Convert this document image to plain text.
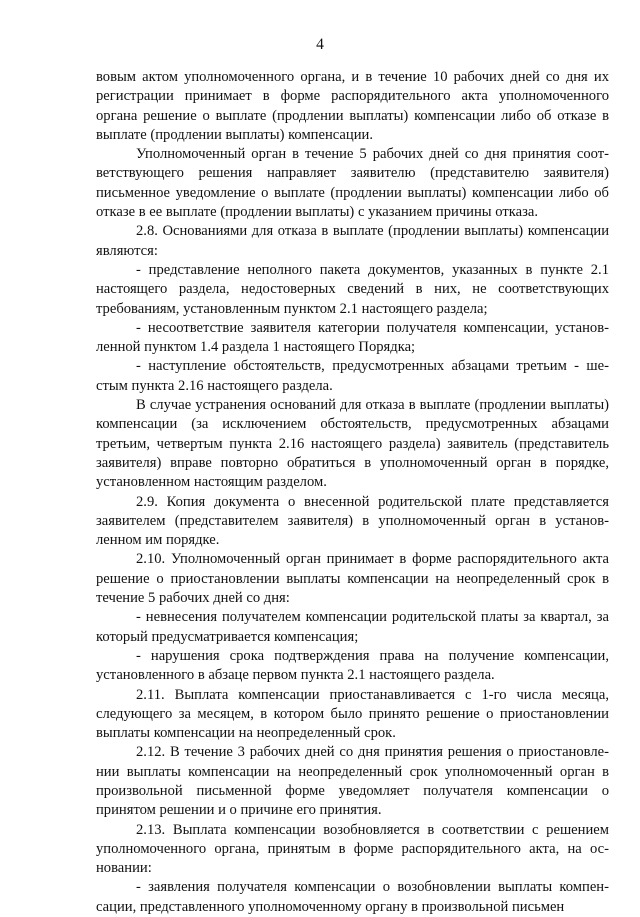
4

вовым актом уполномоченного органа, и в течение 10 рабочих дней со дня их регистрации принимает в форме распорядительного акта уполномоченного органа решение о выплате (продлении выплаты) компенсации либо об отказе в выплате (продлении выплаты) компенсации.

Уполномоченный орган в течение 5 рабочих дней со дня принятия соответствующего решения направляет заявителю (представителю заявителя) письменное уведомление о выплате (продлении выплаты) компенсации либо об отказе в ее выплате (продлении выплаты) с указанием причины отказа.

2.8. Основаниями для отказа в выплате (продлении выплаты) компенсации являются:

- представление неполного пакета документов, указанных в пункте 2.1 настоящего раздела, недостоверных сведений в них, не соответствующих требованиям, установленным пунктом 2.1 настоящего раздела;

- несоответствие заявителя категории получателя компенсации, установленной пунктом 1.4 раздела 1 настоящего Порядка;

- наступление обстоятельств, предусмотренных абзацами третьим - шестым пункта 2.16 настоящего раздела.

В случае устранения оснований для отказа в выплате (продлении выплаты) компенсации (за исключением обстоятельств, предусмотренных абзацами третьим, четвертым пункта 2.16 настоящего раздела) заявитель (представитель заявителя) вправе повторно обратиться в уполномоченный орган в порядке, установленном настоящим разделом.

2.9. Копия документа о внесенной родительской плате представляется заявителем (представителем заявителя) в уполномоченный орган в установленном им порядке.

2.10. Уполномоченный орган принимает в форме распорядительного акта решение о приостановлении выплаты компенсации на неопределенный срок в течение 5 рабочих дней со дня:

- невнесения получателем компенсации родительской платы за квартал, за который предусматривается компенсация;

- нарушения срока подтверждения права на получение компенсации, установленного в абзаце первом пункта 2.1 настоящего раздела.

2.11. Выплата компенсации приостанавливается с 1-го числа месяца, следующего за месяцем, в котором было принято решение о приостановлении выплаты компенсации на неопределенный срок.

2.12. В течение 3 рабочих дней со дня принятия решения о приостановлении выплаты компенсации на неопределенный срок уполномоченный орган в произвольной письменной форме уведомляет получателя компенсации о принятом решении и о причине его принятия.

2.13. Выплата компенсации возобновляется в соответствии с решением уполномоченного органа, принятым в форме распорядительного акта, на основании:

- заявления получателя компенсации о возобновлении выплаты компенсации, представленного уполномоченному органу в произвольной письмен
